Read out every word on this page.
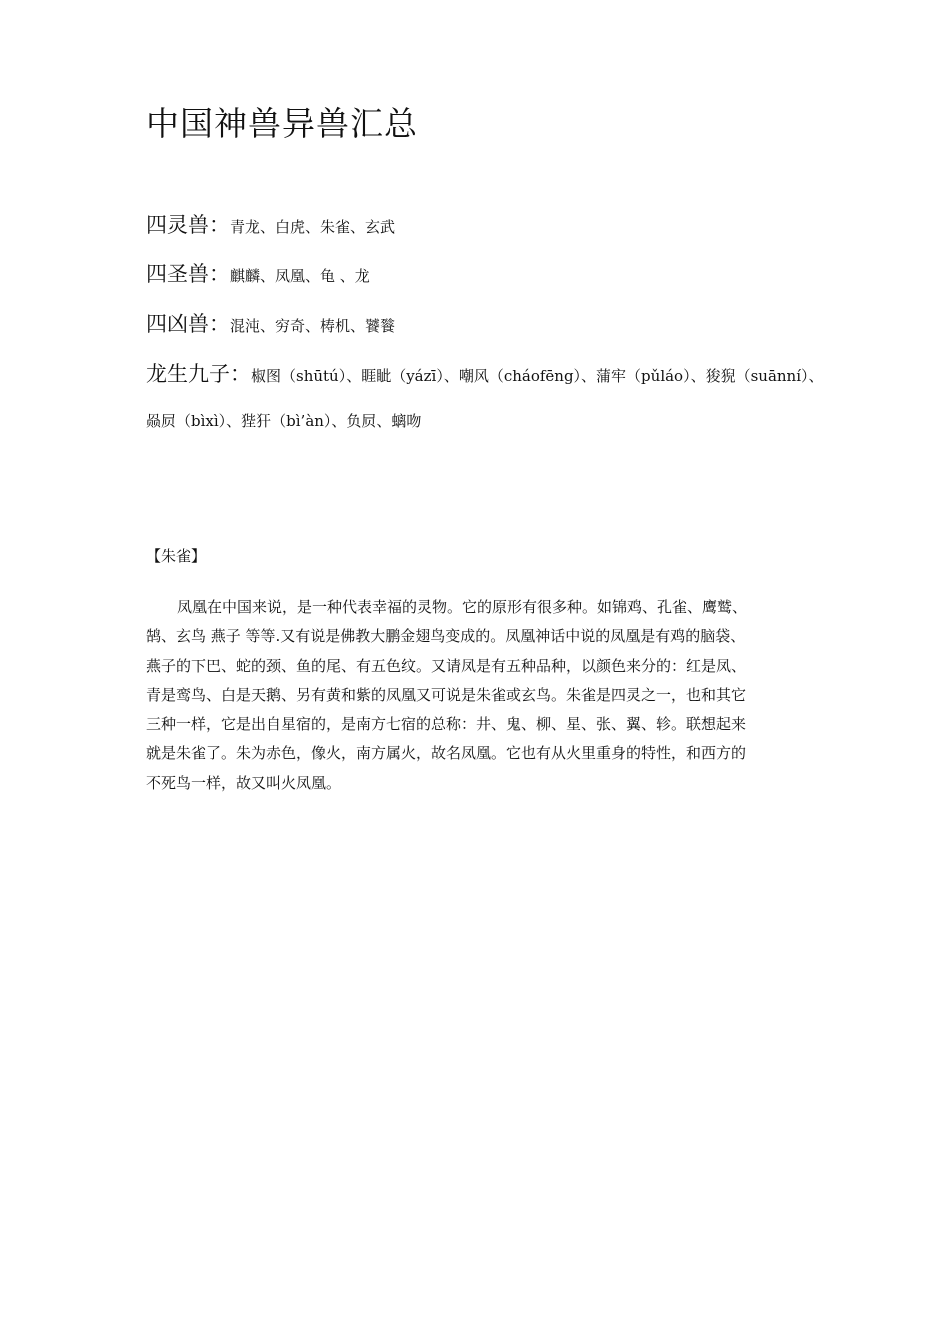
中国神兽异兽汇总
四灵兽：青龙、白虎、朱雀、玄武
四圣兽：麒麟、凤凰、龟 、龙
四凶兽：混沌、穷奇、梼机、饕餮
龙生九子：椒图（shūtú）、睚眦（yázī）、嘲风（cháofēng）、蒲牢（pǔláo）、狻猊（suānní）、
赑屃（bìxì）、狴犴（bì’àn）、负屃、螭吻
【朱雀】
凤凰在中国来说，是一种代表幸福的灵物。它的原形有很多种。如锦鸡、孔雀、鹰鹫、
鹄、玄鸟 燕子 等等.又有说是佛教大鹏金翅鸟变成的。凤凰神话中说的凤凰是有鸡的脑袋、
燕子的下巴、蛇的颈、鱼的尾、有五色纹。又请凤是有五种品种，以颜色来分的：红是凤、
青是鸾鸟、白是天鹅、另有黄和紫的凤凰又可说是朱雀或玄鸟。朱雀是四灵之一，也和其它
三种一样，它是出自星宿的，是南方七宿的总称：井、鬼、柳、星、张、翼、轸。联想起来
就是朱雀了。朱为赤色，像火，南方属火，故名凤凰。它也有从火里重身的特性，和西方的
不死鸟一样，故又叫火凤凰。
